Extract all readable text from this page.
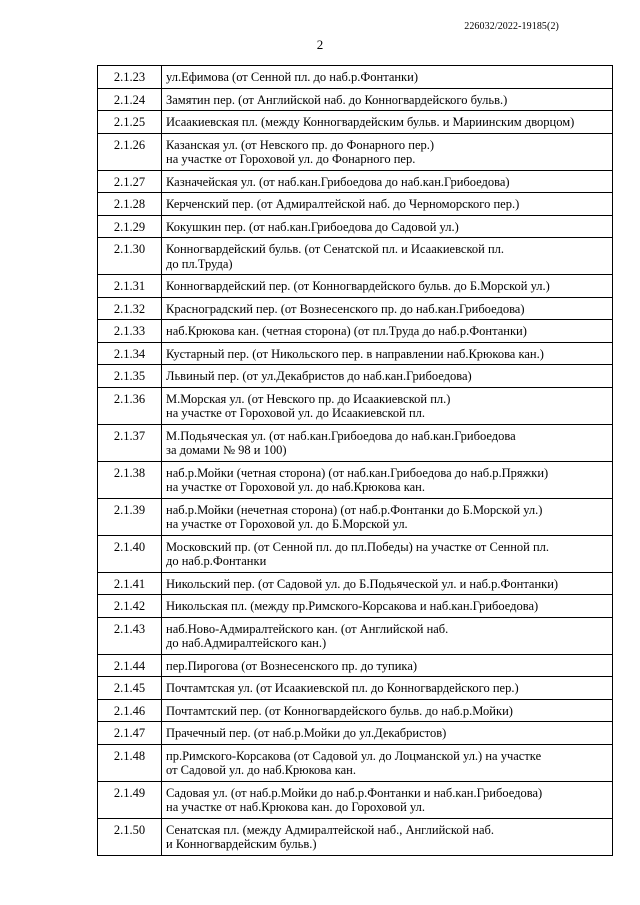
226032/2022-19185(2)
2
2.1.23	ул.Ефимова (от Сенной пл. до наб.р.Фонтанки)
2.1.24	Замятин пер. (от Английской наб. до Конногвардейского бульв.)
2.1.25	Исаакиевская пл. (между Конногвардейским бульв. и Мариинским дворцом)
2.1.26	Казанская ул. (от Невского пр. до Фонарного пер.)
на участке от Гороховой ул. до Фонарного пер.
2.1.27	Казначейская ул. (от наб.кан.Грибоедова до наб.кан.Грибоедова)
2.1.28	Керченский пер. (от Адмиралтейской наб. до Черноморского пер.)
2.1.29	Кокушкин пер. (от наб.кан.Грибоедова до Садовой ул.)
2.1.30	Конногвардейский бульв. (от Сенатской пл. и Исаакиевской пл.
до пл.Труда)
2.1.31	Конногвардейский пер. (от Конногвардейского бульв. до Б.Морской ул.)
2.1.32	Красноградский пер. (от Вознесенского пр. до наб.кан.Грибоедова)
2.1.33	наб.Крюкова кан. (четная сторона) (от пл.Труда до наб.р.Фонтанки)
2.1.34	Кустарный пер. (от Никольского пер. в направлении наб.Крюкова кан.)
2.1.35	Львиный пер. (от ул.Декабристов до наб.кан.Грибоедова)
2.1.36	М.Морская ул. (от Невского пр. до Исаакиевской пл.)
на участке от Гороховой ул. до Исаакиевской пл.
2.1.37	М.Подьяческая ул. (от наб.кан.Грибоедова до наб.кан.Грибоедова
за домами № 98 и 100)
2.1.38	наб.р.Мойки (четная сторона) (от наб.кан.Грибоедова до наб.р.Пряжки)
на участке от Гороховой ул. до наб.Крюкова кан.
2.1.39	наб.р.Мойки (нечетная сторона) (от наб.р.Фонтанки до Б.Морской ул.)
на участке от Гороховой ул. до Б.Морской ул.
2.1.40	Московский пр. (от Сенной пл. до пл.Победы) на участке от Сенной пл.
до наб.р.Фонтанки
2.1.41	Никольский пер. (от Садовой ул. до Б.Подьяческой ул. и наб.р.Фонтанки)
2.1.42	Никольская пл. (между пр.Римского-Корсакова и наб.кан.Грибоедова)
2.1.43	наб.Ново-Адмиралтейского кан. (от Английской наб.
до наб.Адмиралтейского кан.)
2.1.44	пер.Пирогова (от Вознесенского пр. до тупика)
2.1.45	Почтамтская ул. (от Исаакиевской пл. до Конногвардейского пер.)
2.1.46	Почтамтский пер. (от Конногвардейского бульв. до наб.р.Мойки)
2.1.47	Прачечный пер. (от наб.р.Мойки до ул.Декабристов)
2.1.48	пр.Римского-Корсакова (от Садовой ул. до Лоцманской ул.) на участке
от Садовой ул. до наб.Крюкова кан.
2.1.49	Садовая ул. (от наб.р.Мойки до наб.р.Фонтанки и наб.кан.Грибоедова)
на участке от наб.Крюкова кан. до Гороховой ул.
2.1.50	Сенатская пл. (между Адмиралтейской наб., Английской наб.
и Конногвардейским бульв.)
